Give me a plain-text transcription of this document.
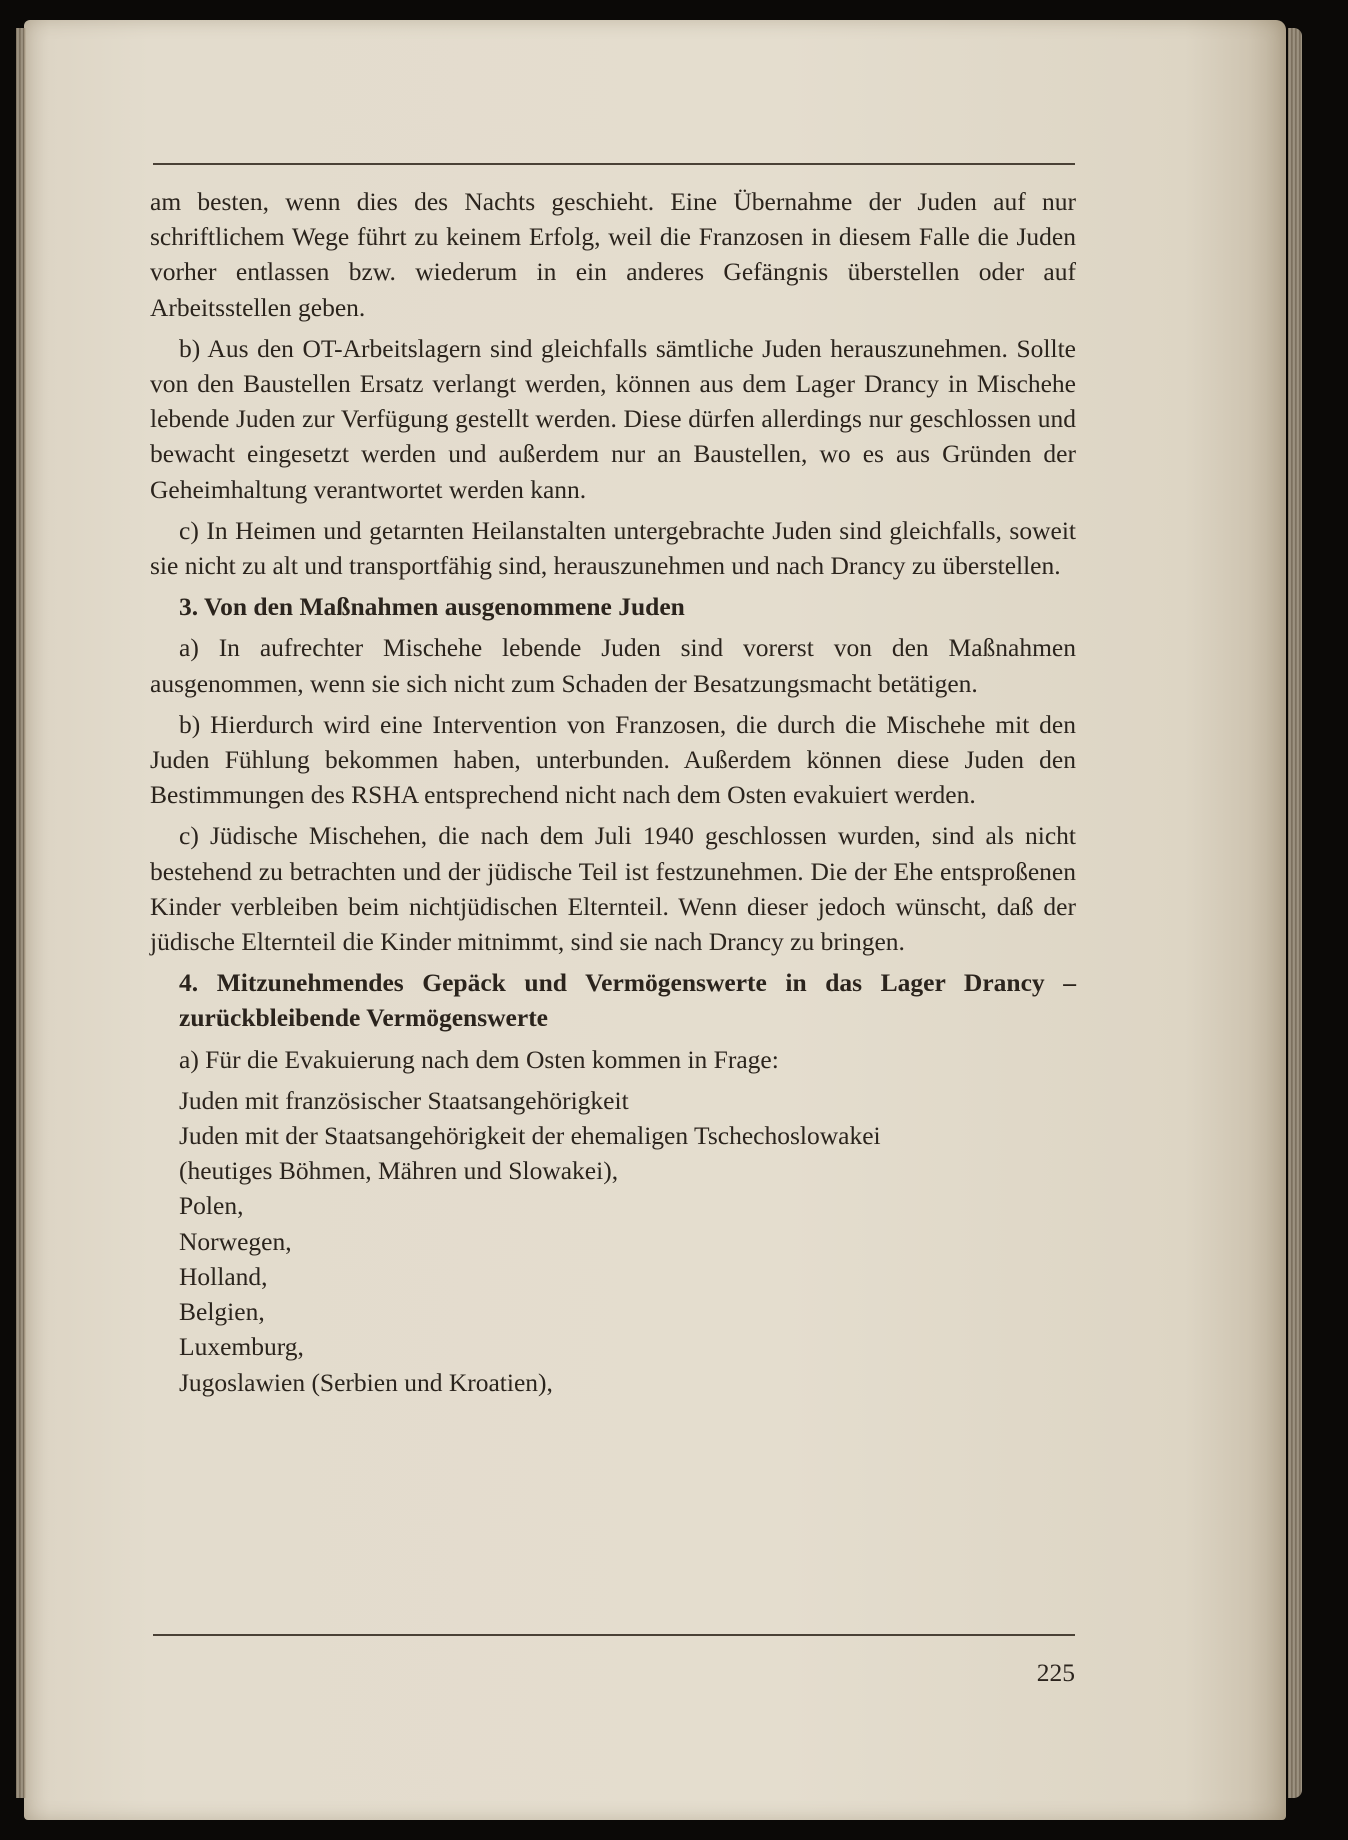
am besten, wenn dies des Nachts geschieht. Eine Übernahme der Juden auf nur schriftlichem Wege führt zu keinem Erfolg, weil die Franzosen in diesem Falle die Juden vorher entlassen bzw. wiederum in ein anderes Gefängnis überstellen oder auf Arbeitsstellen geben.

b) Aus den OT-Arbeitslagern sind gleichfalls sämtliche Juden herauszunehmen. Sollte von den Baustellen Ersatz verlangt werden, können aus dem Lager Drancy in Mischehe lebende Juden zur Verfügung gestellt werden. Diese dürfen allerdings nur geschlossen und bewacht eingesetzt werden und außerdem nur an Baustellen, wo es aus Gründen der Geheimhaltung verantwortet werden kann.

c) In Heimen und getarnten Heilanstalten untergebrachte Juden sind gleichfalls, soweit sie nicht zu alt und transportfähig sind, herauszunehmen und nach Drancy zu überstellen.

3. Von den Maßnahmen ausgenommene Juden

a) In aufrechter Mischehe lebende Juden sind vorerst von den Maßnahmen ausgenommen, wenn sie sich nicht zum Schaden der Besatzungsmacht betätigen.

b) Hierdurch wird eine Intervention von Franzosen, die durch die Mischehe mit den Juden Fühlung bekommen haben, unterbunden. Außerdem können diese Juden den Bestimmungen des RSHA entsprechend nicht nach dem Osten evakuiert werden.

c) Jüdische Mischehen, die nach dem Juli 1940 geschlossen wurden, sind als nicht bestehend zu betrachten und der jüdische Teil ist festzunehmen. Die der Ehe entsproßenen Kinder verbleiben beim nichtjüdischen Elternteil. Wenn dieser jedoch wünscht, daß der jüdische Elternteil die Kinder mitnimmt, sind sie nach Drancy zu bringen.

4. Mitzunehmendes Gepäck und Vermögenswerte in das Lager Drancy – zurückbleibende Vermögenswerte

a) Für die Evakuierung nach dem Osten kommen in Frage:

Juden mit französischer Staatsangehörigkeit
Juden mit der Staatsangehörigkeit der ehemaligen Tschechoslowakei
(heutiges Böhmen, Mähren und Slowakei),
Polen,
Norwegen,
Holland,
Belgien,
Luxemburg,
Jugoslawien (Serbien und Kroatien),
225
